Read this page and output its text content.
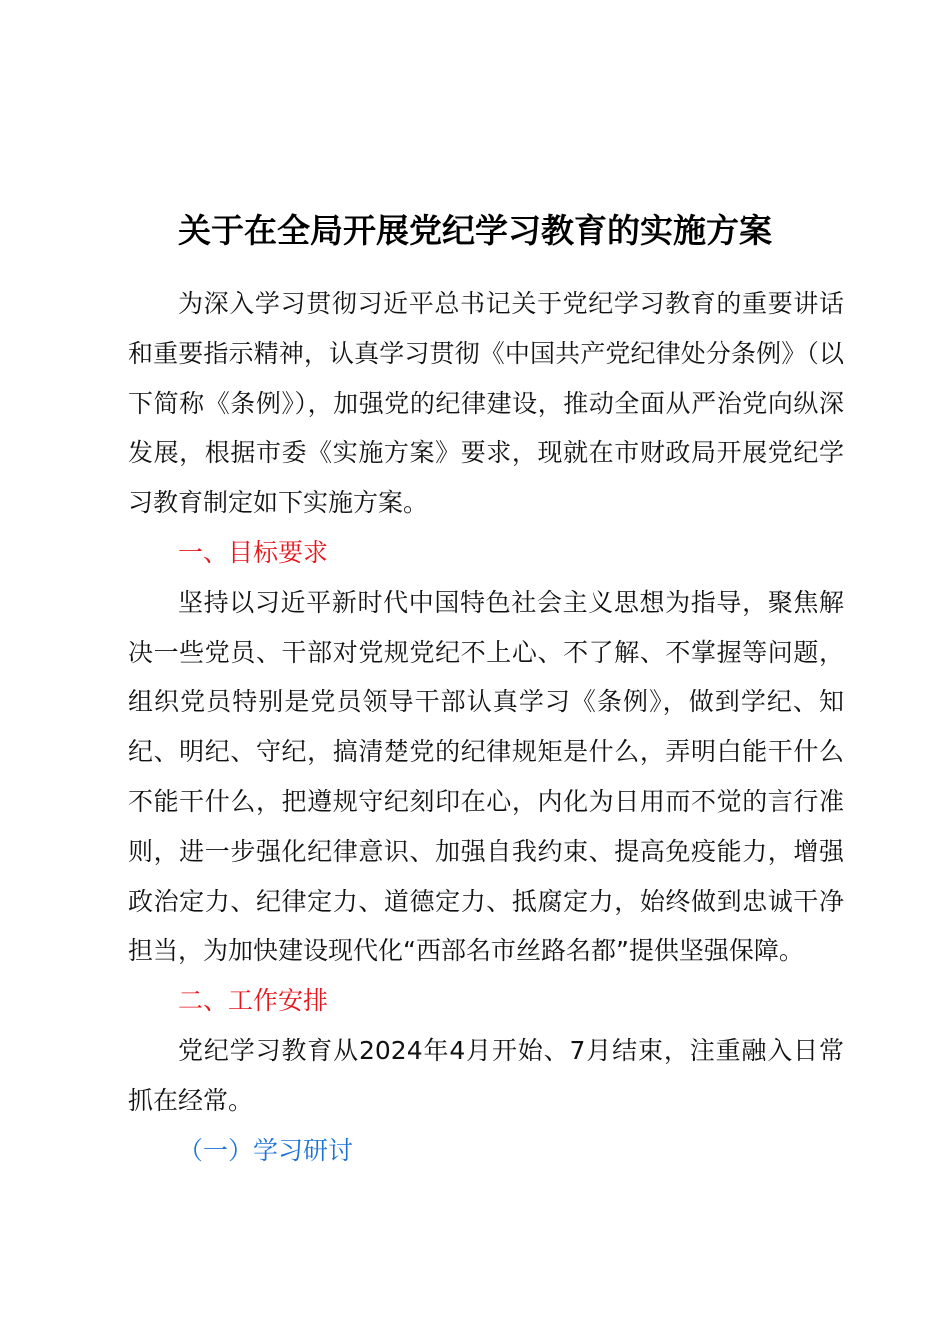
关于在全局开展党纪学习教育的实施方案

为深入学习贯彻习近平总书记关于党纪学习教育的重要讲话和重要指示精神，认真学习贯彻《中国共产党纪律处分条例》（以下简称《条例》），加强党的纪律建设，推动全面从严治党向纵深发展，根据市委《实施方案》要求，现就在市财政局开展党纪学习教育制定如下实施方案。

一、目标要求

坚持以习近平新时代中国特色社会主义思想为指导，聚焦解决一些党员、干部对党规党纪不上心、不了解、不掌握等问题，组织党员特别是党员领导干部认真学习《条例》，做到学纪、知纪、明纪、守纪，搞清楚党的纪律规矩是什么，弄明白能干什么不能干什么，把遵规守纪刻印在心，内化为日用而不觉的言行准则，进一步强化纪律意识、加强自我约束、提高免疫能力，增强政治定力、纪律定力、道德定力、抵腐定力，始终做到忠诚干净担当，为加快建设现代化“西部名市丝路名都”提供坚强保障。

二、工作安排

党纪学习教育从2024年4月开始、7月结束，注重融入日常抓在经常。

（一）学习研讨
